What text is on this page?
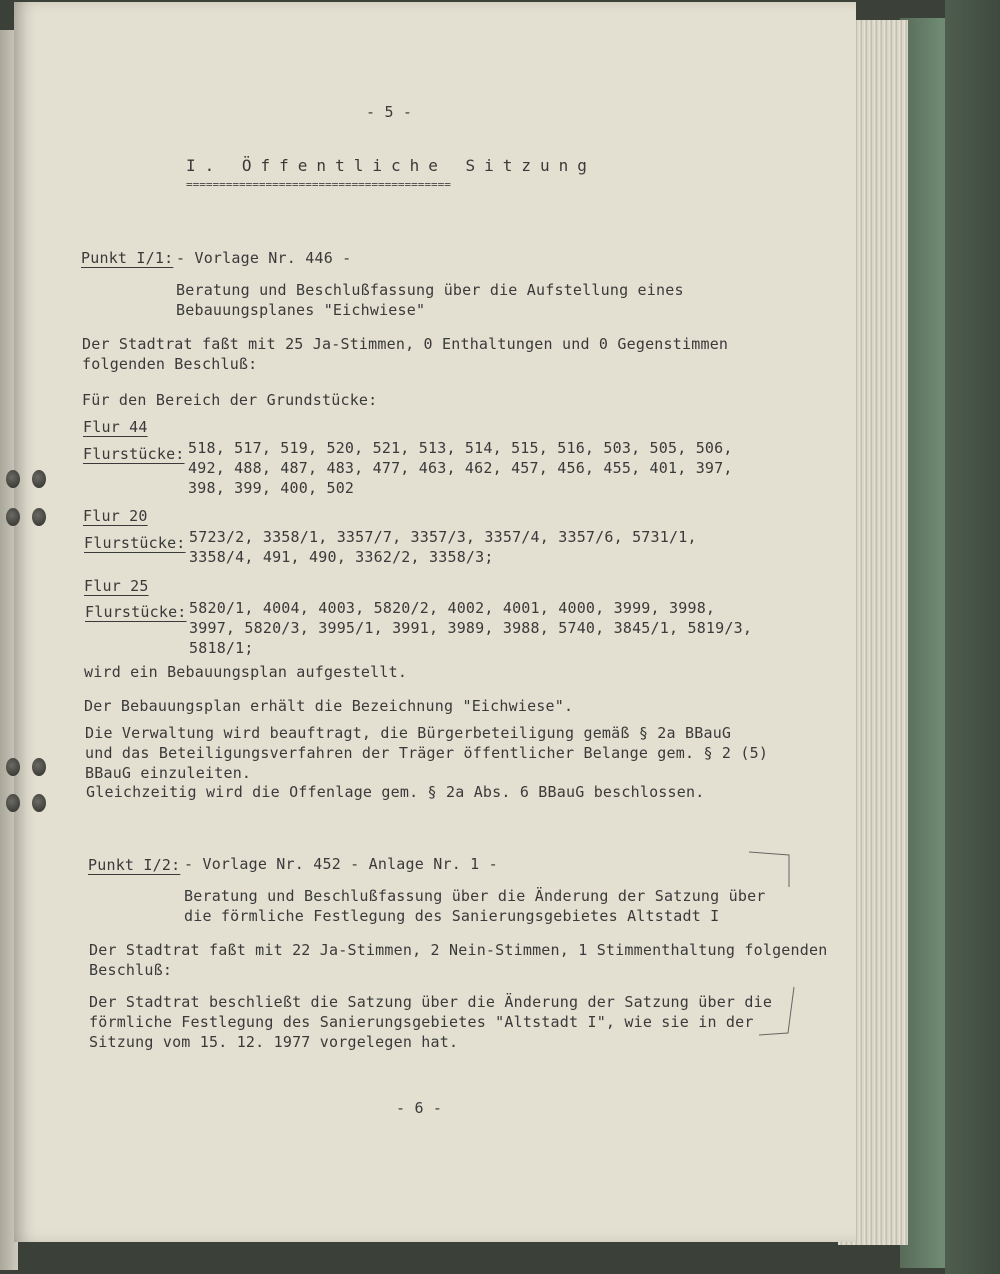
- 5 -
I. Öffentliche Sitzung
========================================
Punkt I/1: - Vorlage Nr. 446 -
Beratung und Beschlußfassung über die Aufstellung eines
Bebauungsplanes "Eichwiese"
Der Stadtrat faßt mit 25 Ja-Stimmen, 0 Enthaltungen und 0 Gegenstimmen
folgenden Beschluß:
Für den Bereich der Grundstücke:
Flur 44
Flurstücke: 518, 517, 519, 520, 521, 513, 514, 515, 516, 503, 505, 506,
492, 488, 487, 483, 477, 463, 462, 457, 456, 455, 401, 397,
398, 399, 400, 502
Flur 20
Flurstücke: 5723/2, 3358/1, 3357/7, 3357/3, 3357/4, 3357/6, 5731/1,
3358/4, 491, 490, 3362/2, 3358/3;
Flur 25
Flurstücke: 5820/1, 4004, 4003, 5820/2, 4002, 4001, 4000, 3999, 3998,
3997, 5820/3, 3995/1, 3991, 3989, 3988, 5740, 3845/1, 5819/3,
5818/1;
wird ein Bebauungsplan aufgestellt.
Der Bebauungsplan erhält die Bezeichnung "Eichwiese".
Die Verwaltung wird beauftragt, die Bürgerbeteiligung gemäß § 2a BBauG
und das Beteiligungsverfahren der Träger öffentlicher Belange gem. § 2 (5)
BBauG einzuleiten.
Gleichzeitig wird die Offenlage gem. § 2a Abs. 6 BBauG beschlossen.
Punkt I/2: - Vorlage Nr. 452 - Anlage Nr. 1 -
Beratung und Beschlußfassung über die Änderung der Satzung über
die förmliche Festlegung des Sanierungsgebietes Altstadt I
Der Stadtrat faßt mit 22 Ja-Stimmen, 2 Nein-Stimmen, 1 Stimmenthaltung folgenden
Beschluß:
Der Stadtrat beschließt die Satzung über die Änderung der Satzung über die
förmliche Festlegung des Sanierungsgebietes "Altstadt I", wie sie in der
Sitzung vom 15. 12. 1977 vorgelegen hat.
- 6 -
